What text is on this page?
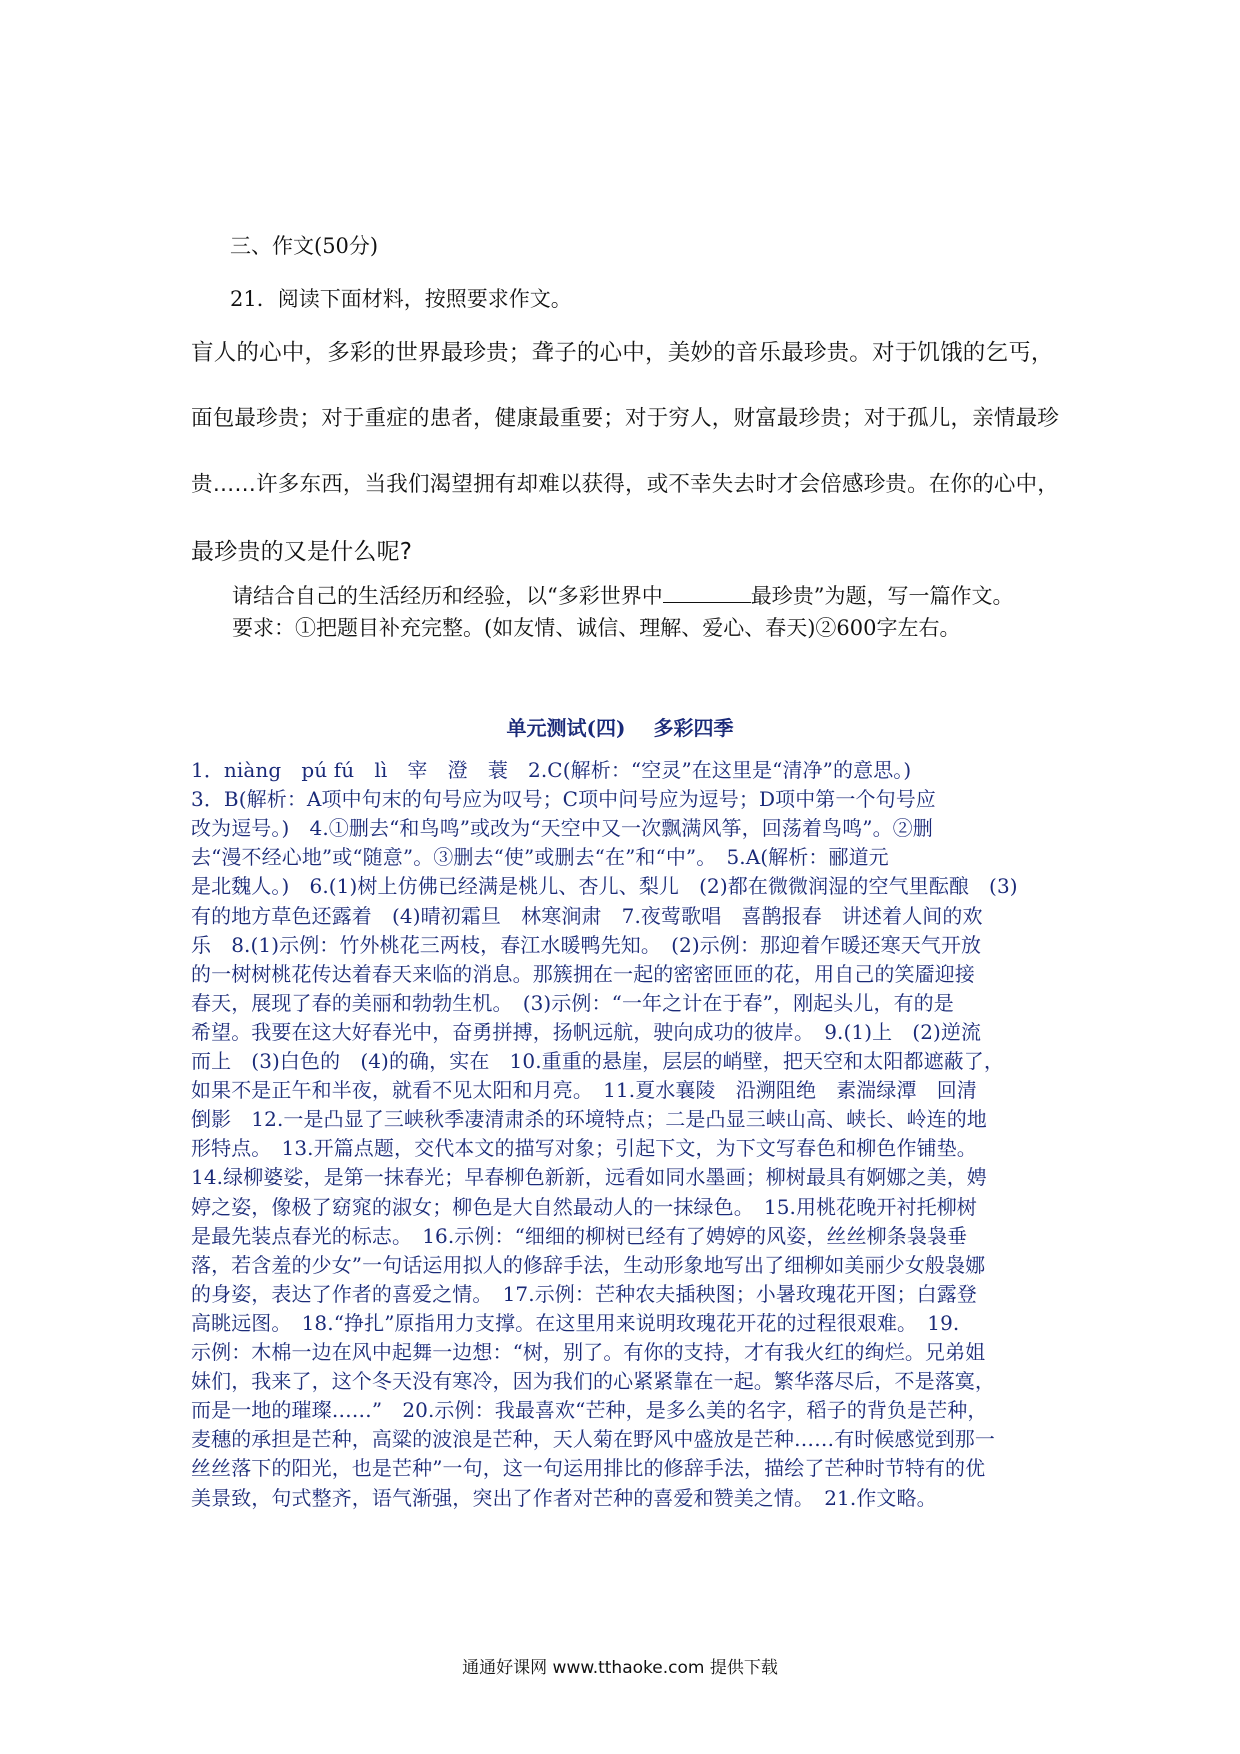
三、作文(50分)
21．阅读下面材料，按照要求作文。
盲人的心中，多彩的世界最珍贵；聋子的心中，美妙的音乐最珍贵。对于饥饿的乞丐，
面包最珍贵；对于重症的患者，健康最重要；对于穷人，财富最珍贵；对于孤儿，亲情最珍
贵……许多东西，当我们渴望拥有却难以获得，或不幸失去时才会倍感珍贵。在你的心中，
最珍贵的又是什么呢?
请结合自己的生活经历和经验，以“多彩世界中	最珍贵”为题，写一篇作文。
要求：①把题目补充完整。(如友情、诚信、理解、爱心、春天)②600字左右。
单元测试(四) 多彩四季
1．niàng　pú fú　lì　宰　澄　蓑　2.C(解析：“空灵”在这里是“清净”的意思。)
3．B(解析：A项中句末的句号应为叹号；C项中问号应为逗号；D项中第一个句号应
改为逗号。)　4.①删去“和鸟鸣”或改为“天空中又一次飘满风筝，回荡着鸟鸣”。②删
去“漫不经心地”或“随意”。③删去“使”或删去“在”和“中”。　5.A(解析：郦道元
是北魏人。)　6.(1)树上仿佛已经满是桃儿、杏儿、梨儿　(2)都在微微润湿的空气里酝酿　(3)
有的地方草色还露着　(4)晴初霜旦　林寒涧肃　7.夜莺歌唱　喜鹊报春　讲述着人间的欢
乐　8.(1)示例：竹外桃花三两枝，春江水暖鸭先知。　(2)示例：那迎着乍暖还寒天气开放
的一树树桃花传达着春天来临的消息。那簇拥在一起的密密匝匝的花，用自己的笑靥迎接
春天，展现了春的美丽和勃勃生机。　(3)示例：“一年之计在于春”，刚起头儿，有的是
希望。我要在这大好春光中，奋勇拼搏，扬帆远航，驶向成功的彼岸。　9.(1)上　(2)逆流
而上　(3)白色的　(4)的确，实在　10.重重的悬崖，层层的峭壁，把天空和太阳都遮蔽了，
如果不是正午和半夜，就看不见太阳和月亮。　11.夏水襄陵　沿溯阻绝　素湍绿潭　回清
倒影　12.一是凸显了三峡秋季凄清肃杀的环境特点；二是凸显三峡山高、峡长、岭连的地
形特点。　13.开篇点题，交代本文的描写对象；引起下文，为下文写春色和柳色作铺垫。
14.绿柳婆娑，是第一抹春光；早春柳色新新，远看如同水墨画；柳树最具有婀娜之美，娉
婷之姿，像极了窈窕的淑女；柳色是大自然最动人的一抹绿色。　15.用桃花晚开衬托柳树
是最先装点春光的标志。　16.示例：“细细的柳树已经有了娉婷的风姿，丝丝柳条袅袅垂
落，若含羞的少女”一句话运用拟人的修辞手法，生动形象地写出了细柳如美丽少女般袅娜
的身姿，表达了作者的喜爱之情。　17.示例：芒种农夫插秧图；小暑玫瑰花开图；白露登
高眺远图。　18.“挣扎”原指用力支撑。在这里用来说明玫瑰花开花的过程很艰难。　19.
示例：木棉一边在风中起舞一边想：“树，别了。有你的支持，才有我火红的绚烂。兄弟姐
妹们，我来了，这个冬天没有寒冷，因为我们的心紧紧靠在一起。繁华落尽后，不是落寞，
而是一地的璀璨……”　20.示例：我最喜欢“芒种，是多么美的名字，稻子的背负是芒种，
麦穗的承担是芒种，高粱的波浪是芒种，天人菊在野风中盛放是芒种……有时候感觉到那一
丝丝落下的阳光，也是芒种”一句，这一句运用排比的修辞手法，描绘了芒种时节特有的优
美景致，句式整齐，语气渐强，突出了作者对芒种的喜爱和赞美之情。　21.作文略。
通通好课网 www.tthaoke.com 提供下载
